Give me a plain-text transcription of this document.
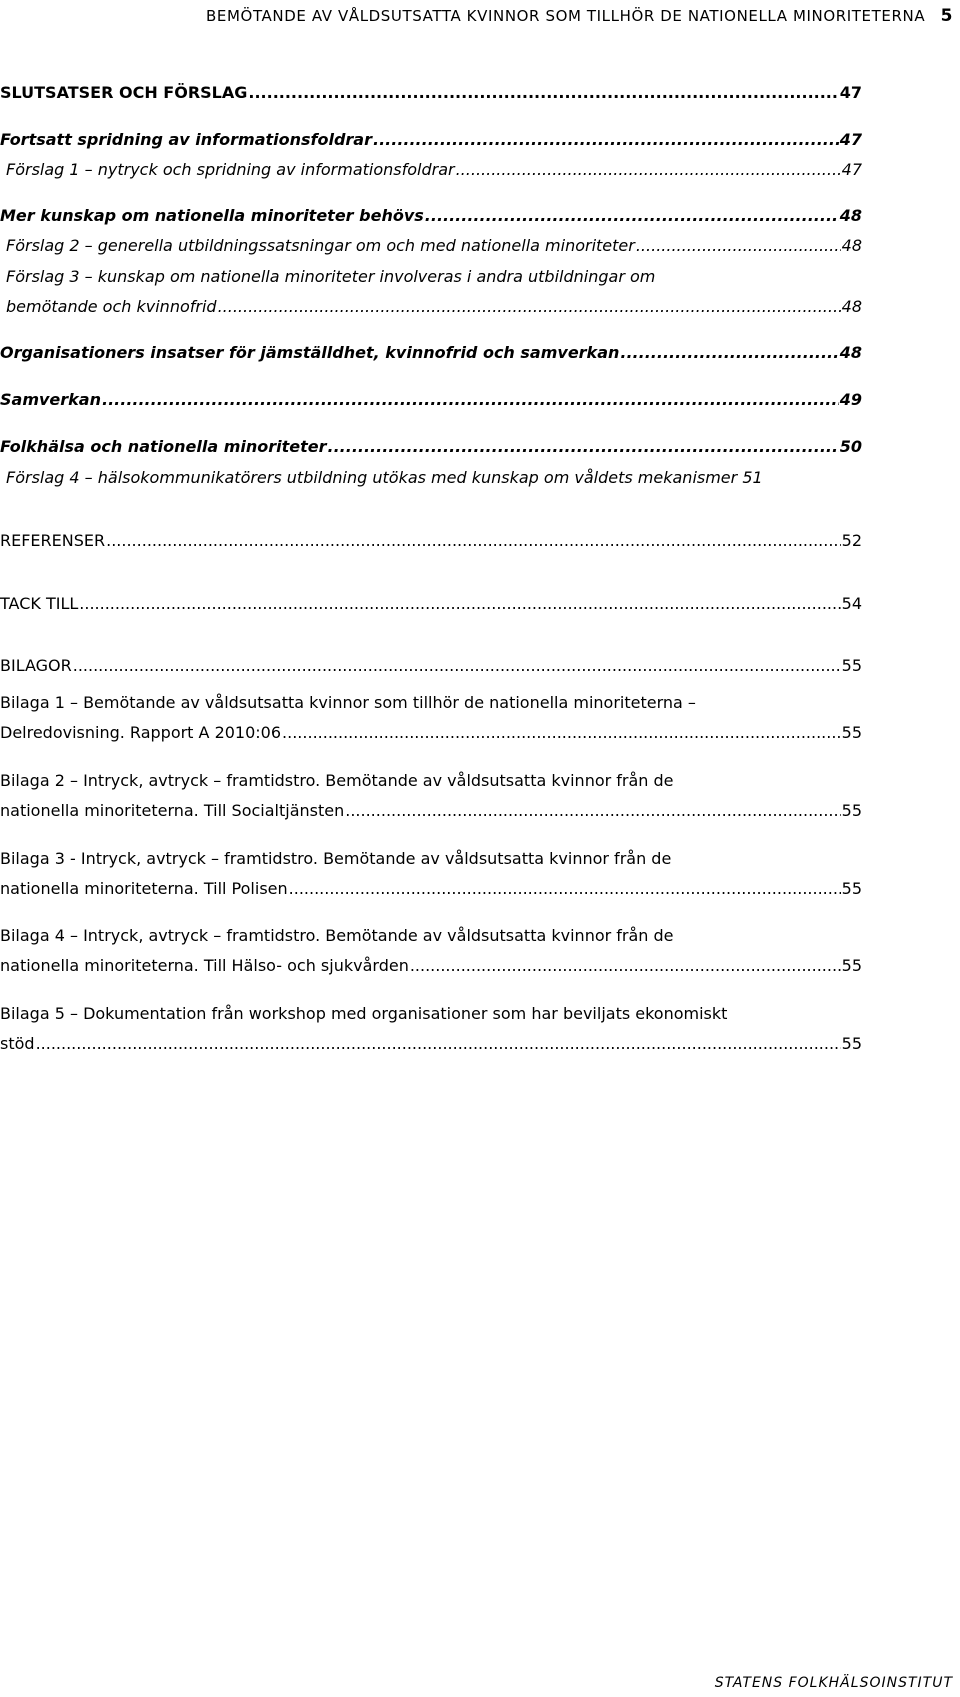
BEMÖTANDE AV VÅLDSUTSATTA KVINNOR SOM TILLHÖR DE NATIONELLA MINORITETERNA 5
SLUTSATSER OCH FÖRSLAG .....	47
Fortsatt spridning av informationsfoldrar .....	47
Förslag 1 – nytryck och spridning av informationsfoldrar .....	47
Mer kunskap om nationella minoriteter behövs .....	48
Förslag 2 – generella utbildningssatsningar om och med nationella minoriteter .....	48
Förslag 3 – kunskap om nationella minoriteter involveras i andra utbildningar om
bemötande och kvinnofrid .....	48
Organisationers insatser för jämställdhet, kvinnofrid och samverkan .....	48
Samverkan .....	49
Folkhälsa och nationella minoriteter .....	50
Förslag 4 – hälsokommunikatörers utbildning utökas med kunskap om våldets mekanismer 51
REFERENSER .....	52
TACK TILL .....	54
BILAGOR .....	55
Bilaga 1 – Bemötande av våldsutsatta kvinnor som tillhör de nationella minoriteterna –
Delredovisning. Rapport A 2010:06 .....	55
Bilaga 2 – Intryck, avtryck – framtidstro. Bemötande av våldsutsatta kvinnor från de
nationella minoriteterna. Till Socialtjänsten .....	55
Bilaga 3 - Intryck, avtryck – framtidstro. Bemötande av våldsutsatta kvinnor från de
nationella minoriteterna. Till Polisen .....	55
Bilaga 4 – Intryck, avtryck – framtidstro. Bemötande av våldsutsatta kvinnor från de
nationella minoriteterna. Till Hälso- och sjukvården .....	55
Bilaga 5 – Dokumentation från workshop med organisationer som har beviljats ekonomiskt
stöd .....	55
STATENS FOLKHÄLSOINSTITUT
